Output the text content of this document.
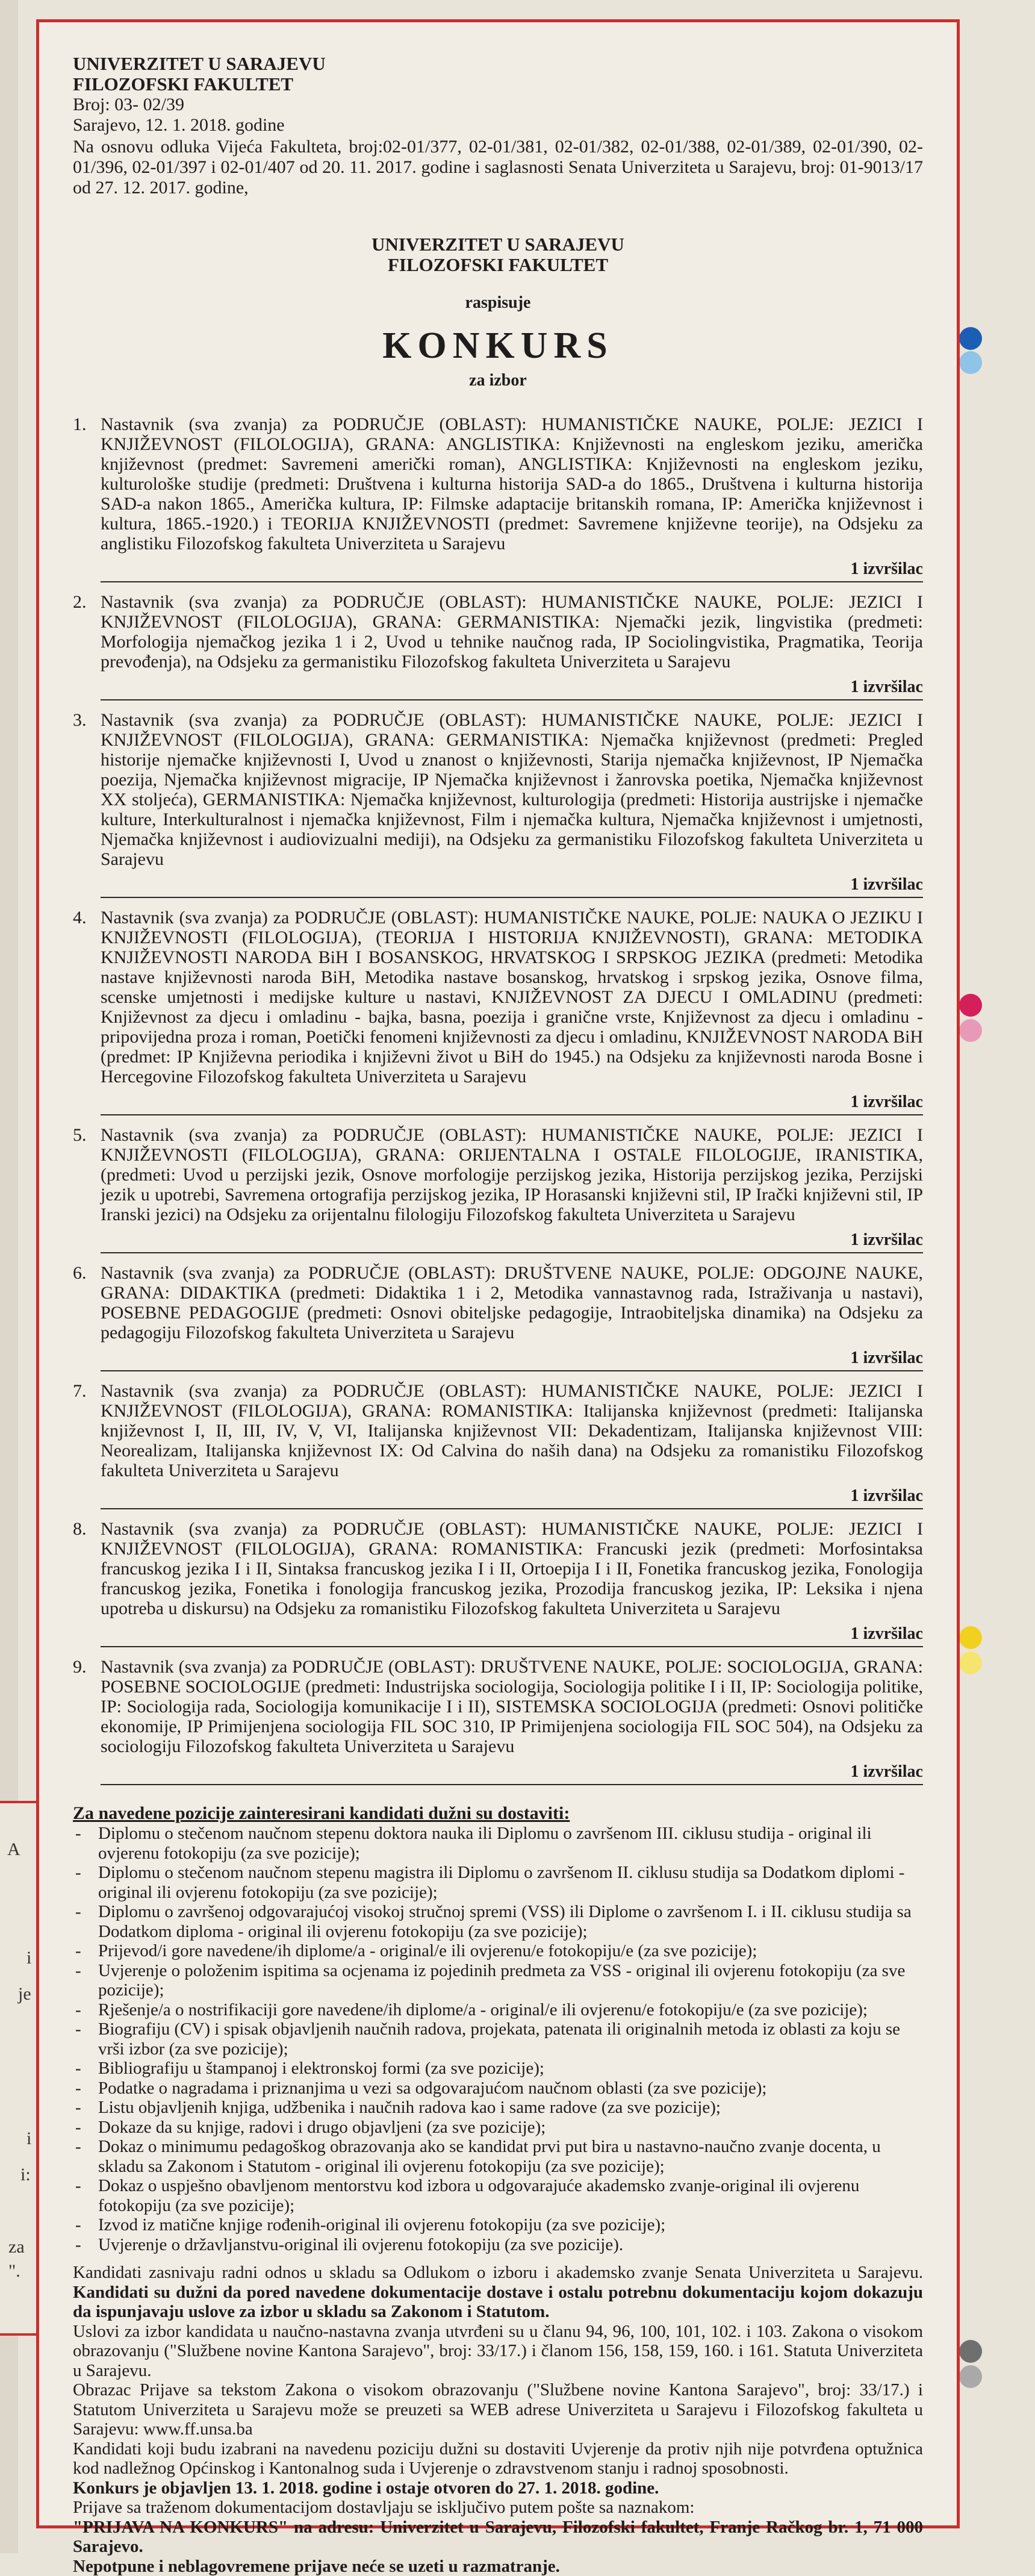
A
i
je
i
i:
za
".
UNIVERZITET U SARAJEVU
FILOZOFSKI FAKULTET
Broj: 03- 02/39
Sarajevo, 12. 1. 2018. godine
Na osnovu odluka Vijeća Fakulteta, broj:02-01/377, 02-01/381, 02-01/382, 02-01/388, 02-01/389, 02-01/390, 02-01/396, 02-01/397 i 02-01/407 od 20. 11. 2017. godine i saglasnosti Senata Univerziteta u Sarajevu, broj: 01-9013/17 od 27. 12. 2017. godine,
UNIVERZITET U SARAJEVU
FILOZOFSKI FAKULTET
raspisuje
KONKURS
za izbor
1. Nastavnik (sva zvanja) za PODRUČJE (OBLAST): HUMANISTIČKE NAUKE, POLJE: JEZICI I KNJIŽEVNOST (FILOLOGIJA), GRANA: ANGLISTIKA: Književnosti na engleskom jeziku, američka književnost (predmet: Savremeni američki roman), ANGLISTIKA: Književnosti na engleskom jeziku, kulturološke studije (predmeti: Društvena i kulturna historija SAD-a do 1865., Društvena i kulturna historija SAD-a nakon 1865., Američka kultura, IP: Filmske adaptacije britanskih romana, IP: Američka književnost i kultura, 1865.-1920.) i TEORIJA KNJIŽEVNOSTI (predmet: Savremene književne teorije), na Odsjeku za anglistiku Filozofskog fakulteta Univerziteta u Sarajevu
1 izvršilac
2. Nastavnik (sva zvanja) za PODRUČJE (OBLAST): HUMANISTIČKE NAUKE, POLJE: JEZICI I KNJIŽEVNOST (FILOLOGIJA), GRANA: GERMANISTIKA: Njemački jezik, lingvistika (predmeti: Morfologija njemačkog jezika 1 i 2, Uvod u tehnike naučnog rada, IP Sociolingvistika, Pragmatika, Teorija prevođenja), na Odsjeku za germanistiku Filozofskog fakulteta Univerziteta u Sarajevu
1 izvršilac
3. Nastavnik (sva zvanja) za PODRUČJE (OBLAST): HUMANISTIČKE NAUKE, POLJE: JEZICI I KNJIŽEVNOST (FILOLOGIJA), GRANA: GERMANISTIKA: Njemačka književnost (predmeti: Pregled historije njemačke književnosti I, Uvod u znanost o književnosti, Starija njemačka književnost, IP Njemačka poezija, Njemačka književnost migracije, IP Njemačka književnost i žanrovska poetika, Njemačka književnost XX stoljeća), GERMANISTIKA: Njemačka književnost, kulturologija (predmeti: Historija austrijske i njemačke kulture, Interkulturalnost i njemačka književnost, Film i njemačka kultura, Njemačka književnost i umjetnosti, Njemačka književnost i audiovizualni mediji), na Odsjeku za germanistiku Filozofskog fakulteta Univerziteta u Sarajevu
1 izvršilac
4. Nastavnik (sva zvanja) za PODRUČJE (OBLAST): HUMANISTIČKE NAUKE, POLJE: NAUKA O JEZIKU I KNJIŽEVNOSTI (FILOLOGIJA), (TEORIJA I HISTORIJA KNJIŽEVNOSTI), GRANA: METODIKA KNJIŽEVNOSTI NARODA BiH I BOSANSKOG, HRVATSKOG I SRPSKOG JEZIKA (predmeti: Metodika nastave književnosti naroda BiH, Metodika nastave bosanskog, hrvatskog i srpskog jezika, Osnove filma, scenske umjetnosti i medijske kulture u nastavi, KNJIŽEVNOST ZA DJECU I OMLADINU (predmeti: Književnost za djecu i omladinu - bajka, basna, poezija i granične vrste, Književnost za djecu i omladinu - pripovijedna proza i roman, Poetički fenomeni književnosti za djecu i omladinu, KNJIŽEVNOST NARODA BiH (predmet: IP Književna periodika i književni život u BiH do 1945.) na Odsjeku za književnosti naroda Bosne i Hercegovine Filozofskog fakulteta Univerziteta u Sarajevu
1 izvršilac
5. Nastavnik (sva zvanja) za PODRUČJE (OBLAST): HUMANISTIČKE NAUKE, POLJE: JEZICI I KNJIŽEVNOSTI (FILOLOGIJA), GRANA: ORIJENTALNA I OSTALE FILOLOGIJE, IRANISTIKA, (predmeti: Uvod u perzijski jezik, Osnove morfologije perzijskog jezika, Historija perzijskog jezika, Perzijski jezik u upotrebi, Savremena ortografija perzijskog jezika, IP Horasanski književni stil, IP Irački književni stil, IP Iranski jezici) na Odsjeku za orijentalnu filologiju Filozofskog fakulteta Univerziteta u Sarajevu
1 izvršilac
6. Nastavnik (sva zvanja) za PODRUČJE (OBLAST): DRUŠTVENE NAUKE, POLJE: ODGOJNE NAUKE, GRANA: DIDAKTIKA (predmeti: Didaktika 1 i 2, Metodika vannastavnog rada, Istraživanja u nastavi), POSEBNE PEDAGOGIJE (predmeti: Osnovi obiteljske pedagogije, Intraobiteljska dinamika) na Odsjeku za pedagogiju Filozofskog fakulteta Univerziteta u Sarajevu
1 izvršilac
7. Nastavnik (sva zvanja) za PODRUČJE (OBLAST): HUMANISTIČKE NAUKE, POLJE: JEZICI I KNJIŽEVNOST (FILOLOGIJA), GRANA: ROMANISTIKA: Italijanska književnost (predmeti: Italijanska književnost I, II, III, IV, V, VI, Italijanska književnost VII: Dekadentizam, Italijanska književnost VIII: Neorealizam, Italijanska književnost IX: Od Calvina do naših dana) na Odsjeku za romanistiku Filozofskog fakulteta Univerziteta u Sarajevu
1 izvršilac
8. Nastavnik (sva zvanja) za PODRUČJE (OBLAST): HUMANISTIČKE NAUKE, POLJE: JEZICI I KNJIŽEVNOST (FILOLOGIJA), GRANA: ROMANISTIKA: Francuski jezik (predmeti: Morfosintaksa francuskog jezika I i II, Sintaksa francuskog jezika I i II, Ortoepija I i II, Fonetika francuskog jezika, Fonologija francuskog jezika, Fonetika i fonologija francuskog jezika, Prozodija francuskog jezika, IP: Leksika i njena upotreba u diskursu) na Odsjeku za romanistiku Filozofskog fakulteta Univerziteta u Sarajevu
1 izvršilac
9. Nastavnik (sva zvanja) za PODRUČJE (OBLAST): DRUŠTVENE NAUKE, POLJE: SOCIOLOGIJA, GRANA: POSEBNE SOCIOLOGIJE (predmeti: Industrijska sociologija, Sociologija politike I i II, IP: Sociologija politike, IP: Sociologija rada, Sociologija komunikacije I i II), SISTEMSKA SOCIOLOGIJA (predmeti: Osnovi političke ekonomije, IP Primijenjena sociologija FIL SOC 310, IP Primijenjena sociologija FIL SOC 504), na Odsjeku za sociologiju Filozofskog fakulteta Univerziteta u Sarajevu
1 izvršilac
Za navedene pozicije zainteresirani kandidati dužni su dostaviti:
- Diplomu o stečenom naučnom stepenu doktora nauka ili Diplomu o završenom III. ciklusu studija - original ili ovjerenu fotokopiju (za sve pozicije);
- Diplomu o stečenom naučnom stepenu magistra ili Diplomu o završenom II. ciklusu studija sa Dodatkom diplomi - original ili ovjerenu fotokopiju (za sve pozicije);
- Diplomu o završenoj odgovarajućoj visokoj stručnoj spremi (VSS) ili Diplome o završenom I. i II. ciklusu studija sa Dodatkom diploma - original ili ovjerenu fotokopiju (za sve pozicije);
- Prijevod/i gore navedene/ih diplome/a - original/e ili ovjerenu/e fotokopiju/e (za sve pozicije);
- Uvjerenje o položenim ispitima sa ocjenama iz pojedinih predmeta za VSS - original ili ovjerenu fotokopiju (za sve pozicije);
- Rješenje/a o nostrifikaciji gore navedene/ih diplome/a - original/e ili ovjerenu/e fotokopiju/e (za sve pozicije);
- Biografiju (CV) i spisak objavljenih naučnih radova, projekata, patenata ili originalnih metoda iz oblasti za koju se vrši izbor (za sve pozicije);
- Bibliografiju u štampanoj i elektronskoj formi (za sve pozicije);
- Podatke o nagradama i priznanjima u vezi sa odgovarajućom naučnom oblasti (za sve pozicije);
- Listu objavljenih knjiga, udžbenika i naučnih radova kao i same radove (za sve pozicije);
- Dokaze da su knjige, radovi i drugo objavljeni (za sve pozicije);
- Dokaz o minimumu pedagoškog obrazovanja ako se kandidat prvi put bira u nastavno-naučno zvanje docenta, u skladu sa Zakonom i Statutom - original ili ovjerenu fotokopiju (za sve pozicije);
- Dokaz o uspješno obavljenom mentorstvu kod izbora u odgovarajuće akademsko zvanje-original ili ovjerenu fotokopiju (za sve pozicije);
- Izvod iz matične knjige rođenih-original ili ovjerenu fotokopiju (za sve pozicije);
- Uvjerenje o državljanstvu-original ili ovjerenu fotokopiju (za sve pozicije).
Kandidati zasnivaju radni odnos u skladu sa Odlukom o izboru i akademsko zvanje Senata Univerziteta u Sarajevu. Kandidati su dužni da pored navedene dokumentacije dostave i ostalu potrebnu dokumentaciju kojom dokazuju da ispunjavaju uslove za izbor u skladu sa Zakonom i Statutom.
Uslovi za izbor kandidata u naučno-nastavna zvanja utvrđeni su u članu 94, 96, 100, 101, 102. i 103. Zakona o visokom obrazovanju ("Službene novine Kantona Sarajevo", broj: 33/17.) i članom 156, 158, 159, 160. i 161. Statuta Univerziteta u Sarajevu.
Obrazac Prijave sa tekstom Zakona o visokom obrazovanju ("Službene novine Kantona Sarajevo", broj: 33/17.) i Statutom Univerziteta u Sarajevu može se preuzeti sa WEB adrese Univerziteta u Sarajevu i Filozofskog fakulteta u Sarajevu: www.ff.unsa.ba
Kandidati koji budu izabrani na navedenu poziciju dužni su dostaviti Uvjerenje da protiv njih nije potvrđena optužnica kod nadležnog Općinskog i Kantonalnog suda i Uvjerenje o zdravstvenom stanju i radnoj sposobnosti.
Konkurs je objavljen 13. 1. 2018. godine i ostaje otvoren do 27. 1. 2018. godine.
Prijave sa traženom dokumentacijom dostavljaju se isključivo putem pošte sa naznakom:
"PRIJAVA NA KONKURS" na adresu: Univerzitet u Sarajevu, Filozofski fakultet, Franje Račkog br. 1, 71 000 Sarajevo.
Nepotpune i neblagovremene prijave neće se uzeti u razmatranje.
